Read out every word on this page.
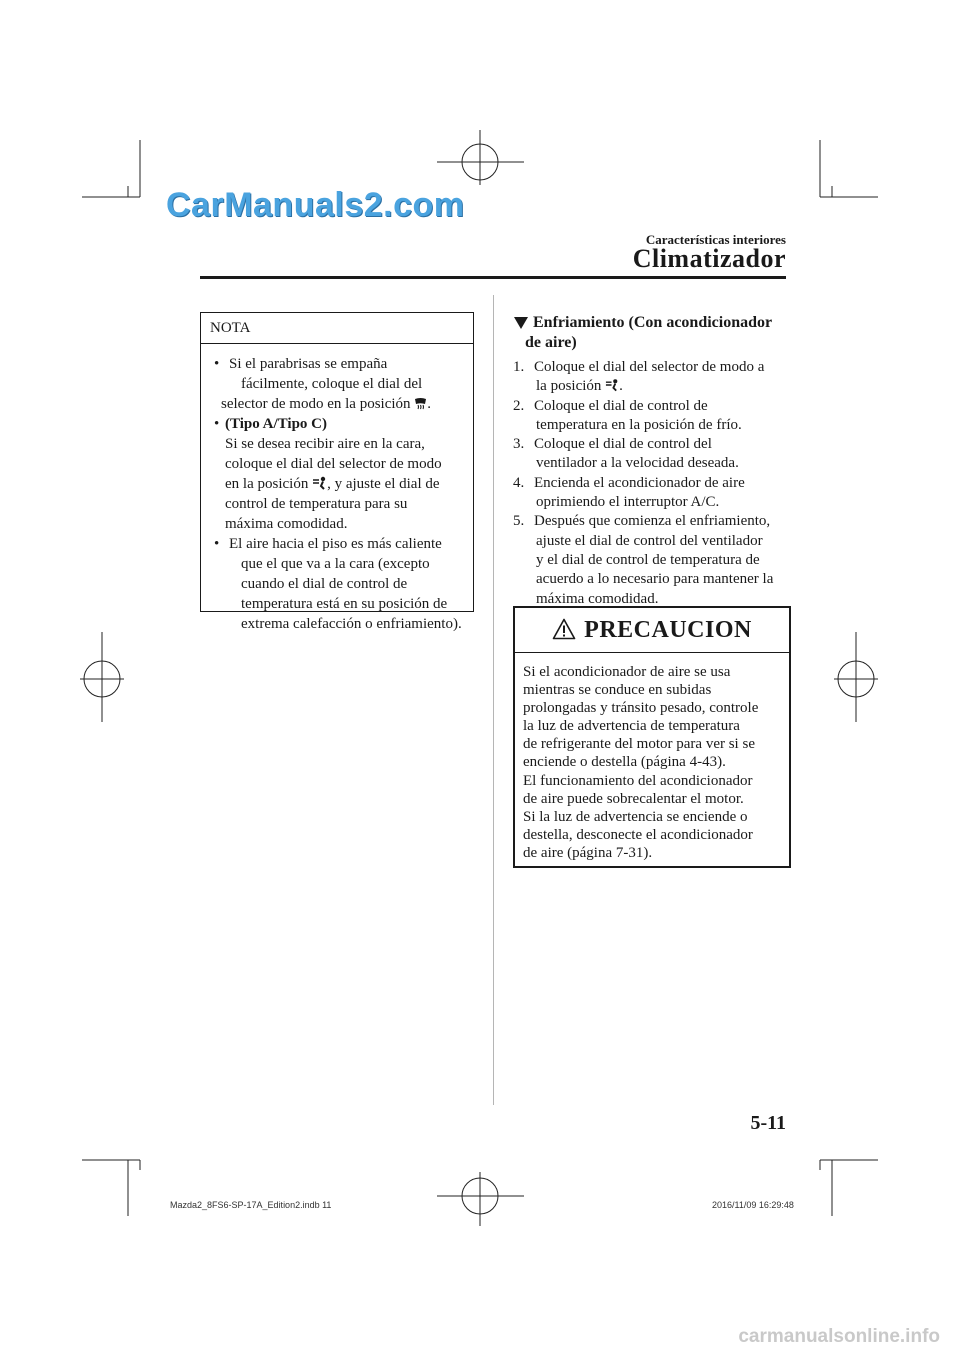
CarManuals2.com
Características interiores
Climatizador
NOTA
• Si el parabrisas se empaña
fácilmente, coloque el dial del
selector de modo en la posición .
• (Tipo A/Tipo C)
Si se desea recibir aire en la cara,
coloque el dial del selector de modo
en la posición , y ajuste el dial de
control de temperatura para su
máxima comodidad.
• El aire hacia el piso es más caliente
que el que va a la cara (excepto
cuando el dial de control de
temperatura está en su posición de
extrema calefacción o enfriamiento).
Enfriamiento (Con acondicionador
de aire)
1. Coloque el dial del selector de modo a
la posición .
2. Coloque el dial de control de
temperatura en la posición de frío.
3. Coloque el dial de control del
ventilador a la velocidad deseada.
4. Encienda el acondicionador de aire
oprimiendo el interruptor A/C.
5. Después que comienza el enfriamiento,
ajuste el dial de control del ventilador
y el dial de control de temperatura de
acuerdo a lo necesario para mantener la
máxima comodidad.
PRECAUCION
Si el acondicionador de aire se usa
mientras se conduce en subidas
prolongadas y tránsito pesado, controle
la luz de advertencia de temperatura
de refrigerante del motor para ver si se
enciende o destella (página 4-43).
El funcionamiento del acondicionador
de aire puede sobrecalentar el motor.
Si la luz de advertencia se enciende o
destella, desconecte el acondicionador
de aire (página 7-31).
5-11
Mazda2_8FS6-SP-17A_Edition2.indb 11	2016/11/09 16:29:48
carmanualsonline.info
